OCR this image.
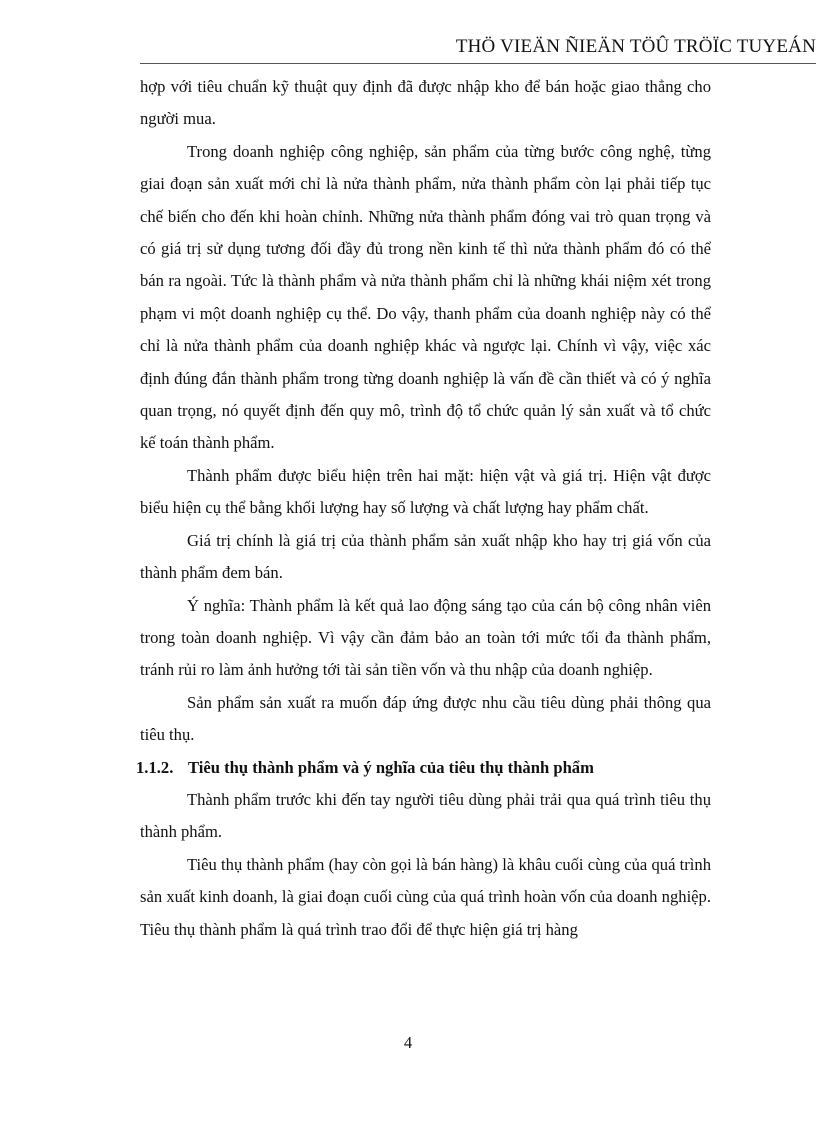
THÖ VIEÄN ÑIEÄN TÖÛ TRÖÏC TUYEÁN

hợp với tiêu chuẩn kỹ thuật quy định đã được nhập kho để bán hoặc giao thẳng cho người mua.

Trong doanh nghiệp công nghiệp, sản phẩm của từng bước công nghệ, từng giai đoạn sản xuất mới chỉ là nửa thành phẩm, nửa thành phẩm còn lại phải tiếp tục chế biến cho đến khi hoàn chỉnh. Những nửa thành phẩm đóng vai trò quan trọng và có giá trị sử dụng tương đối đầy đủ trong nền kinh tế thì nửa thành phẩm đó có thể bán ra ngoài. Tức là thành phẩm và nửa thành phẩm chỉ là những khái niệm xét trong phạm vi một doanh nghiệp cụ thể. Do vậy, thanh phẩm của doanh nghiệp này có thể chỉ là nửa thành phẩm của doanh nghiệp khác và ngược lại. Chính vì vậy, việc xác định đúng đắn thành phẩm trong từng doanh nghiệp là vấn đề cần thiết và có ý nghĩa quan trọng, nó quyết định đến quy mô, trình độ tổ chức quản lý sản xuất và tổ chức kế toán thành phẩm.

Thành phẩm được biểu hiện trên hai mặt: hiện vật và giá trị. Hiện vật được biểu hiện cụ thể bằng khối lượng hay số lượng và chất lượng hay phẩm chất.

Giá trị chính là giá trị của thành phẩm sản xuất nhập kho hay trị giá vốn của thành phẩm đem bán.

Ý nghĩa: Thành phẩm là kết quả lao động sáng tạo của cán bộ công nhân viên trong toàn doanh nghiệp. Vì vậy cần đảm bảo an toàn tới mức tối đa thành phẩm, tránh rủi ro làm ảnh hưởng tới tài sản tiền vốn và thu nhập của doanh nghiệp.

Sản phẩm sản xuất ra muốn đáp ứng được nhu cầu tiêu dùng phải thông qua tiêu thụ.

1.1.2. Tiêu thụ thành phẩm và ý nghĩa của tiêu thụ thành phẩm

Thành phẩm trước khi đến tay người tiêu dùng phải trải qua quá trình tiêu thụ thành phẩm.

Tiêu thụ thành phẩm (hay còn gọi là bán hàng) là khâu cuối cùng của quá trình sản xuất kinh doanh, là giai đoạn cuối cùng của quá trình hoàn vốn của doanh nghiệp. Tiêu thụ thành phẩm là quá trình trao đổi để thực hiện giá trị hàng

4
